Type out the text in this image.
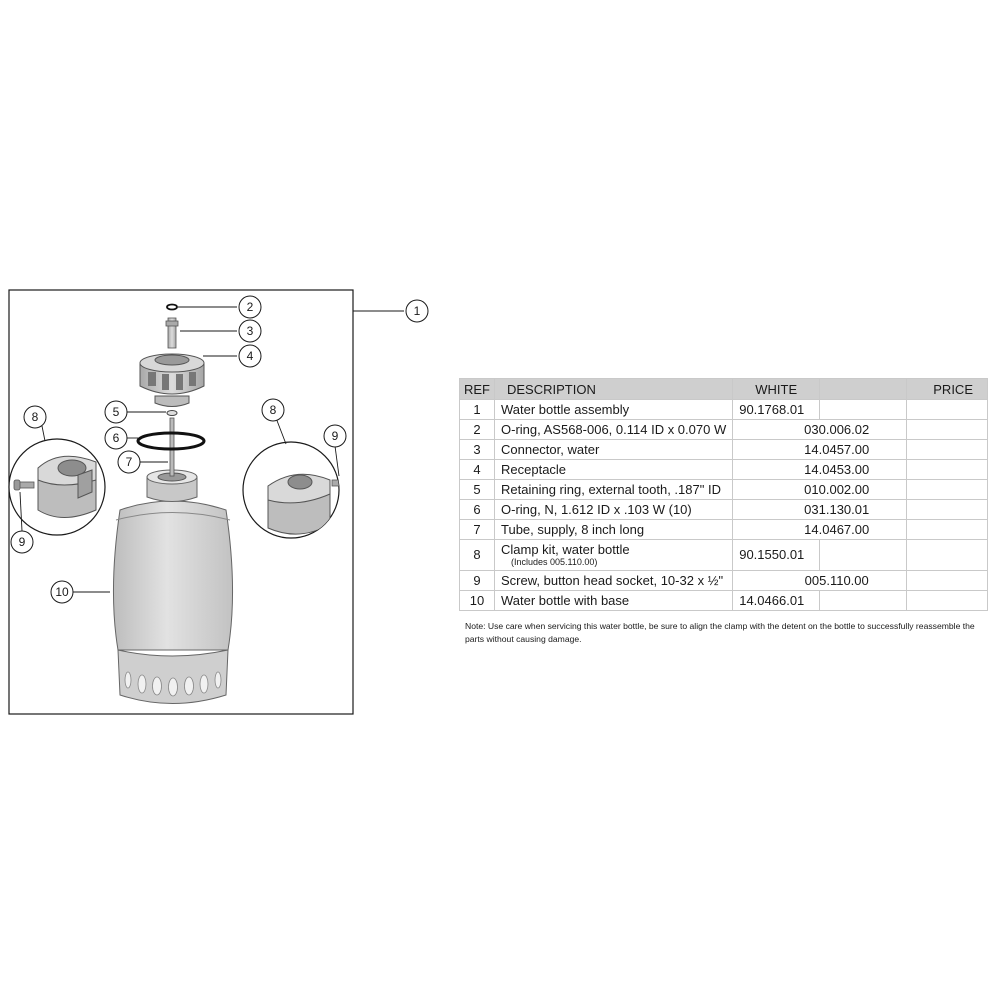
1
2
3
4
5
6
7
8	8
9
9
10
REF	DESCRIPTION	WHITE		PRICE
1	Water bottle assembly	90.1768.01		
2	O-ring, AS568-006, 0.114 ID x 0.070 W	030.006.02		
3	Connector, water	14.0457.00		
4	Receptacle	14.0453.00		
5	Retaining ring, external tooth, .187" ID	010.002.00		
6	O-ring, N, 1.612 ID x .103 W (10)	031.130.01		
7	Tube, supply, 8 inch long	14.0467.00		
8	Clamp kit, water bottle
(Includes 005.110.00)	90.1550.01		
9	Screw, button head socket, 10-32 x ½"	005.110.00		
10	Water bottle with base	14.0466.01		
Note: Use care when servicing this water bottle, be sure to align the clamp with the detent on the bottle to successfully reassemble the parts without causing damage.
